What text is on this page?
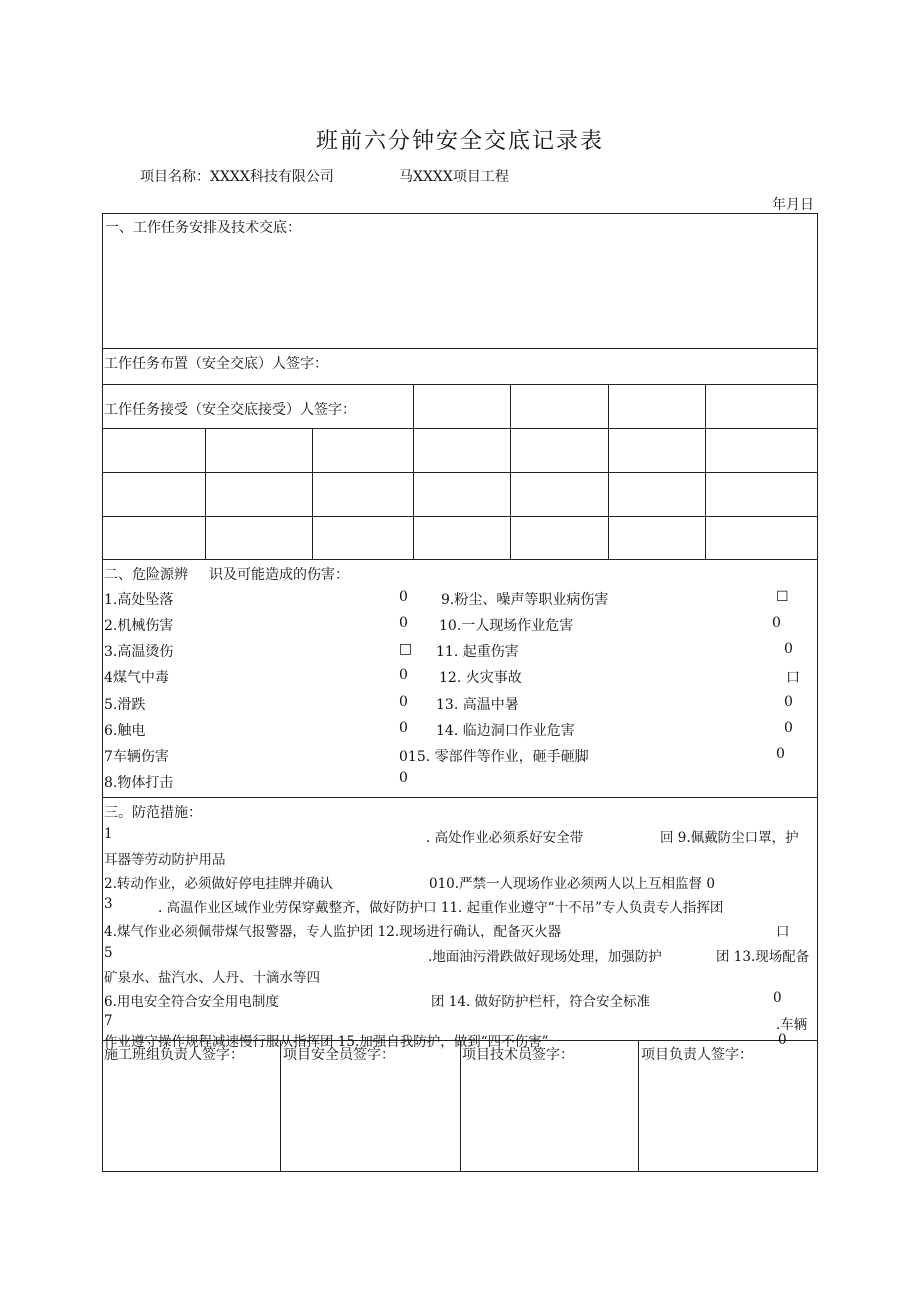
班前六分钟安全交底记录表
项目名称：XXXX科技有限公司	马XXXX项目工程
年月日
一、工作任务安排及技术交底：
工作任务布置（安全交底）人签字：
工作任务接受（安全交底接受）人签字：
二、危险源辨 识及可能造成的伤害：
1.高处坠落	0 9.粉尘、噪声等职业病伤害	☐
2.机械伤害	0 10.一人现场作业危害	0
3.高温烫伤	□ 11. 起重伤害	0
4煤气中毒	0 12. 火灾事故	口
5.滑跌	0 13. 高温中暑	0
6.触电	0 14. 临边洞口作业危害	0
7车辆伤害	015. 零部件等作业，砸手砸脚	0
8.物体打击	0
三。防范措施：
1	. 高处作业必须系好安全带	回 9.佩戴防尘口罩，护
耳器等劳动防护用品
2.转动作业，必须做好停电挂牌并确认	010.严禁一人现场作业必须两人以上互相监督 0
3	. 高温作业区域作业劳保穿戴整齐，做好防护口 11. 起重作业遵守“十不吊”专人负责专人指挥团
4.煤气作业必须佩带煤气报警器，专人监护团 12.现场进行确认，配备灭火器	口
5	.地面油污滑跌做好现场处理，加强防护	团 13.现场配备
矿泉水、盐汽水、人丹、十滴水等四
6.用电安全符合安全用电制度	团 14. 做好防护栏杆，符合安全标准	0
7	.车辆
作业遵守操作规程减速慢行服从指挥团 15.加强自我防护，做到“四不伤害”	0
施工班组负责人签字：	项目安全员签字：	项目技术员签字：	项目负责人签字：
